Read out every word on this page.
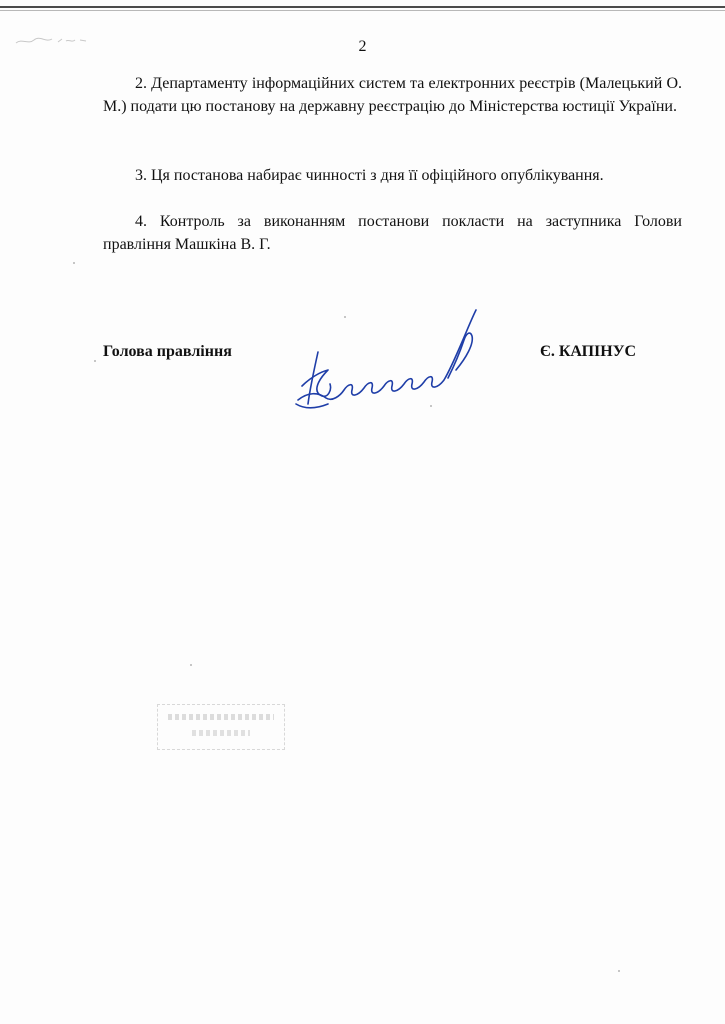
2
2. Департаменту інформаційних систем та електронних реєстрів (Малецький О. М.) подати цю постанову на державну реєстрацію до Міністерства юстиції України.
3. Ця постанова набирає чинності з дня її офіційного опублікування.
4. Контроль за виконанням постанови покласти на заступника Голови правління Машкіна В. Г.
Голова правління	Є. КАПІНУС
